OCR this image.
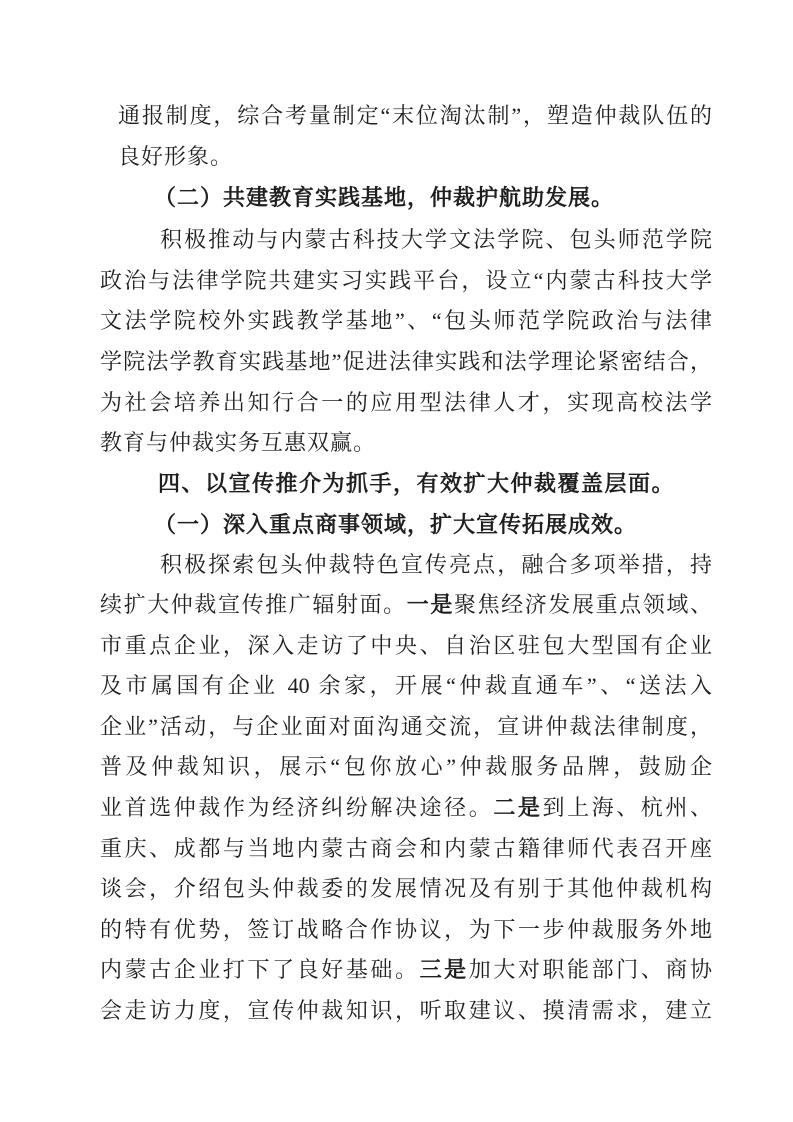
通报制度，综合考量制定“末位淘汰制”，塑造仲裁队伍的
良好形象。
（二）共建教育实践基地，仲裁护航助发展。
积极推动与内蒙古科技大学文法学院、包头师范学院
政治与法律学院共建实习实践平台，设立“内蒙古科技大学
文法学院校外实践教学基地”、“包头师范学院政治与法律
学院法学教育实践基地”促进法律实践和法学理论紧密结合，
为社会培养出知行合一的应用型法律人才，实现高校法学
教育与仲裁实务互惠双赢。
四、以宣传推介为抓手，有效扩大仲裁覆盖层面。
（一）深入重点商事领域，扩大宣传拓展成效。
积极探索包头仲裁特色宣传亮点，融合多项举措，持
续扩大仲裁宣传推广辐射面。一是聚焦经济发展重点领域、
市重点企业，深入走访了中央、自治区驻包大型国有企业
及市属国有企业 40 余家，开展“仲裁直通车”、“送法入
企业”活动，与企业面对面沟通交流，宣讲仲裁法律制度，
普及仲裁知识，展示“包你放心”仲裁服务品牌，鼓励企
业首选仲裁作为经济纠纷解决途径。二是到上海、杭州、
重庆、成都与当地内蒙古商会和内蒙古籍律师代表召开座
谈会，介绍包头仲裁委的发展情况及有别于其他仲裁机构
的特有优势，签订战略合作协议，为下一步仲裁服务外地
内蒙古企业打下了良好基础。三是加大对职能部门、商协
会走访力度，宣传仲裁知识，听取建议、摸清需求，建立
